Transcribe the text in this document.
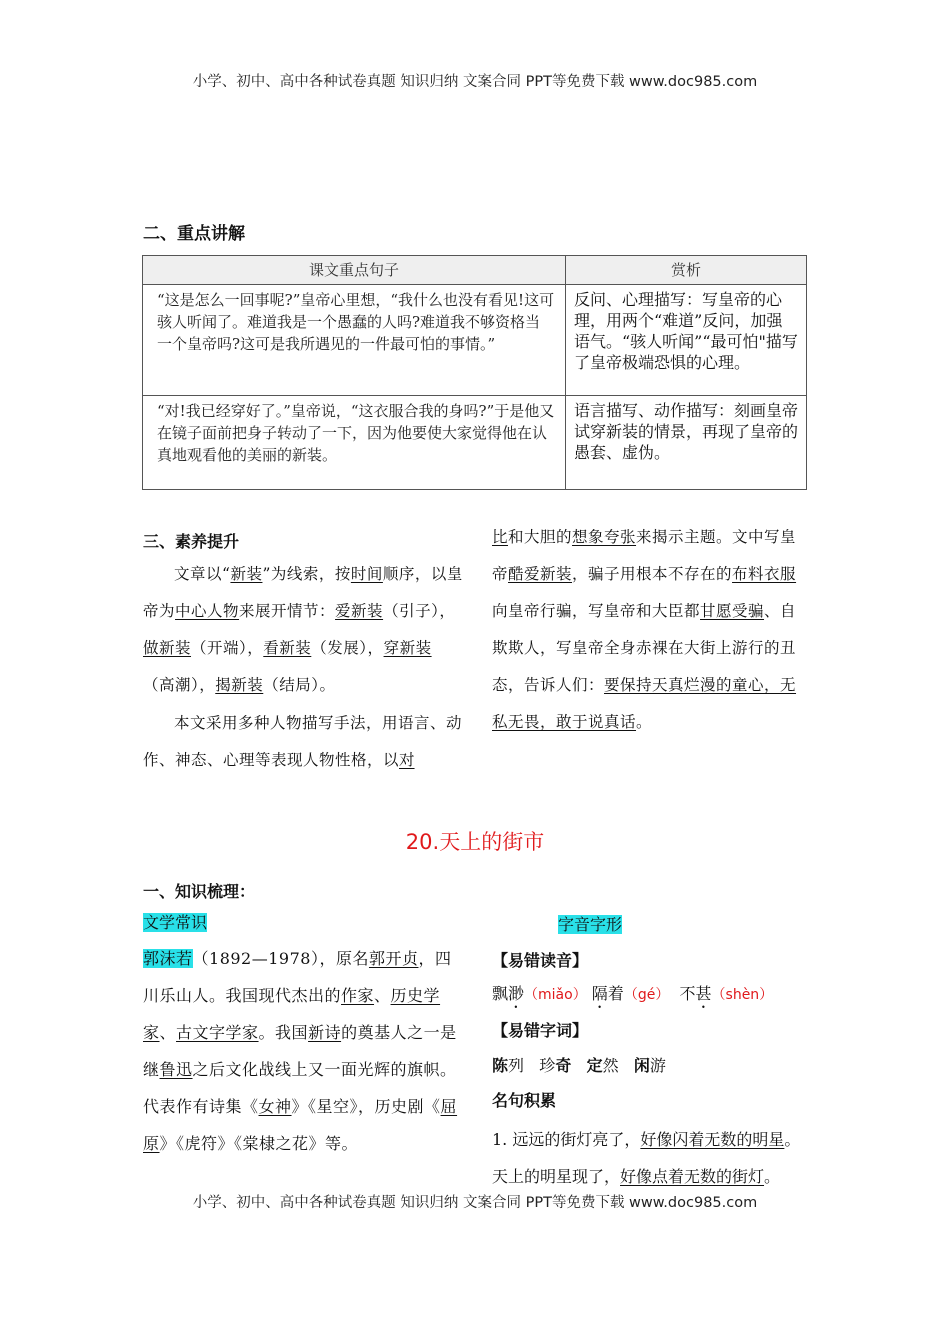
小学、初中、高中各种试卷真题 知识归纳 文案合同 PPT等免费下载 www.doc985.com
二、重点讲解
课文重点句子	赏析
“这是怎么一回事呢?”皇帝心里想，“我什么也没有看见!这可骇人听闻了。难道我是一个愚蠢的人吗?难道我不够资格当一个皇帝吗?这可是我所遇见的一件最可怕的事情。”	反问、心理描写：写皇帝的心理，用两个“难道”反问，加强语气。“骇人听闻”“最可怕"描写了皇帝极端恐惧的心理。
“对!我已经穿好了。”皇帝说，“这衣服合我的身吗?”于是他又在镜子面前把身子转动了一下，因为他要使大家觉得他在认真地观看他的美丽的新装。	语言描写、动作描写：刻画皇帝试穿新装的情景，再现了皇帝的愚套、虚伪。
三、素养提升
文章以“新装”为线索，按时间顺序，以皇帝为中心人物来展开情节：爱新装（引子），做新装（开端），看新装（发展），穿新装（高潮），揭新装（结局）。
本文采用多种人物描写手法，用语言、动作、神态、心理等表现人物性格，以对
比和大胆的想象夸张来揭示主题。文中写皇帝酷爱新装，骗子用根本不存在的布料衣服向皇帝行骗，写皇帝和大臣都甘愿受骗、自欺欺人，写皇帝全身赤裸在大街上游行的丑态，告诉人们：要保持天真烂漫的童心，无私无畏，敢于说真话。
20.天上的街市
一、知识梳理：
文学常识
郭沫若（1892—1978），原名郭开贞，四川乐山人。我国现代杰出的作家、历史学家、古文字学家。我国新诗的奠基人之一是继鲁迅之后文化战线上又一面光辉的旗帜。代表作有诗集《女神》《星空》，历史剧《屈原》《虎符》《棠棣之花》等。
字音字形
【易错读音】
飘渺（miǎo） 隔着（gé） 不甚（shèn）
【易错字词】
陈列 珍奇 定然 闲游
名句积累
1. 远远的街灯亮了，好像闪着无数的明星。
天上的明星现了，好像点着无数的街灯。
小学、初中、高中各种试卷真题 知识归纳 文案合同 PPT等免费下载 www.doc985.com
